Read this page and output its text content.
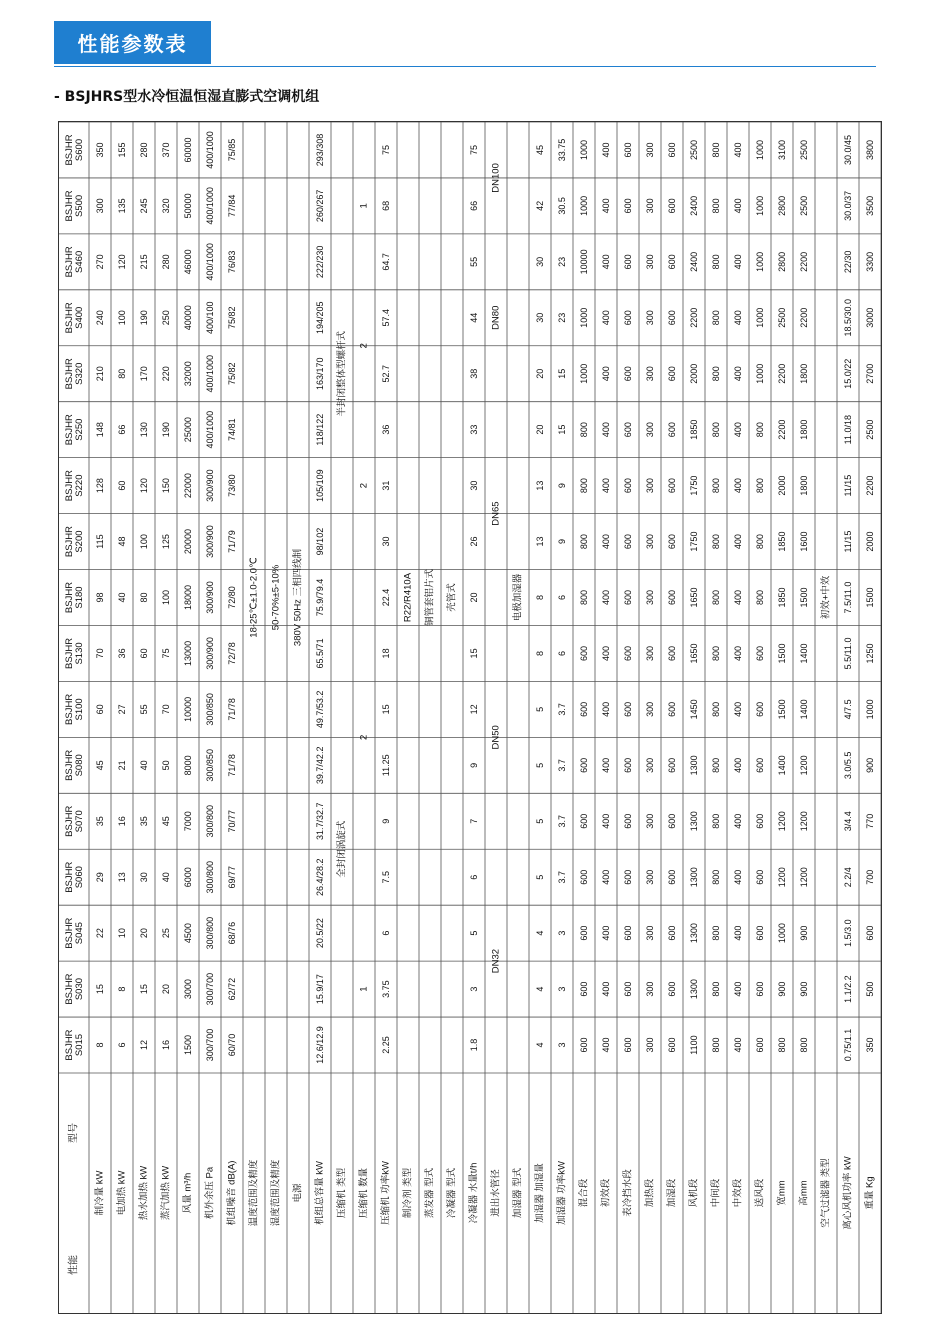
性能参数表
- BSJHRS型水冷恒温恒湿直膨式空调机组
型号
性能
BSJHRS015
BSJHRS030
BSJHRS045
BSJHRS060
BSJHRS070
BSJHRS080
BSJHRS100
BSJHRS130
BSJHRS180
BSJHRS200
BSJHRS220
BSJHRS250
BSJHRS320
BSJHRS400
BSJHRS460
BSJHRS500
BSJHRS600
制冷量 kW
8
15
22
29
35
45
60
70
98
115
128
148
210
240
270
300
350
电加热 kW
6
8
10
13
16
21
27
36
40
48
60
66
80
100
120
135
155
热水加热 kW
12
15
20
30
35
40
55
60
80
100
120
130
170
190
215
245
280
蒸汽加热 kW
16
20
25
40
45
50
70
75
100
125
150
190
220
250
280
320
370
风量 m³/h
1500
3000
4500
6000
7000
8000
10000
13000
18000
20000
22000
25000
32000
40000
46000
50000
60000
机外余压 Pa
300/700
300/700
300/800
300/800
300/800
300/850
300/850
300/900
300/900
300/900
300/900
400/1000
400/1000
400/100
400/1000
400/1000
400/1000
机组噪音 dB(A)
60/70
62/72
68/76
69/77
70/77
71/78
71/78
72/78
72/80
71/79
73/80
74/81
75/82
75/82
76/83
77/84
75/85
温度范围及精度
18-25℃±1.0-2.0℃
湿度范围及精度
50-70%±5-10%
电源
380V 50Hz 三相四线制
机组总容量 kW
12.6/12.9
15.9/17
20.5/22
26.4/28.2
31.7/32.7
39.7/42.2
49.7/53.2
65.5/71
75.9/79.4
98/102
105/109
118/122
163/170
194/205
222/230
260/267
293/308
压缩机 类型
全封闭涡旋式
半封闭整体型螺杆式
压缩机 数量
1
2
2
2
1
压缩机 功率kW
2.25
3.75
6
7.5
9
11.25
15
18
22.4
30
31
36
52.7
57.4
64.7
68
75
制冷剂 类型
R22/R410A
蒸发器 型式
铜管套铝片式
冷凝器 型式
壳管式
冷凝器 水量t/h
1.8
3
5
6
7
9
12
15
20
26
30
33
38
44
55
66
75
进出水管径
DN32
DN50
DN65
DN80
DN100
加湿器 型式
电极加湿器
加湿器 加湿量
4
4
4
5
5
5
5
8
8
13
13
20
20
30
30
42
45
加湿器 功率kW
3
3
3
3.7
3.7
3.7
3.7
6
6
9
9
15
15
23
23
30.5
33.75
混合段
600
600
600
600
600
600
600
600
800
800
800
800
1000
1000
10000
1000
1000
初效段
400
400
400
400
400
400
400
400
400
400
400
400
400
400
400
400
400
表冷挡水段
600
600
600
600
600
600
600
600
600
600
600
600
600
600
600
600
600
加热段
300
300
300
300
300
300
300
300
300
300
300
300
300
300
300
300
300
加湿段
600
600
600
600
600
600
600
600
600
600
600
600
600
600
600
600
600
风机段
1100
1300
1300
1300
1300
1300
1450
1650
1650
1750
1750
1850
2000
2200
2400
2400
2500
中间段
800
800
800
800
800
800
800
800
800
800
800
800
800
800
800
800
800
中效段
400
400
400
400
400
400
400
400
400
400
400
400
400
400
400
400
400
送风段
600
600
600
600
600
600
600
600
800
800
800
800
1000
1000
1000
1000
1000
宽mm
800
900
1000
1200
1200
1400
1500
1500
1850
1850
2000
2200
2200
2500
2800
2800
3100
高mm
800
900
900
1200
1200
1200
1400
1400
1500
1600
1800
1800
1800
2200
2200
2500
2500
空气过滤器 类型
初效+中效
离心风机功率 kW
0.75/1.1
1.1/2.2
1.5/3.0
2.2/4
3/4.4
3.0/5.5
4/7.5
5.5/11.0
7.5/11.0
11/15
11/15
11.0/18
15.0/22
18.5/30.0
22/30
30.0/37
30.0/45
重量 Kg
350
500
600
700
770
900
1000
1250
1500
2000
2200
2500
2700
3000
3300
3500
3800
